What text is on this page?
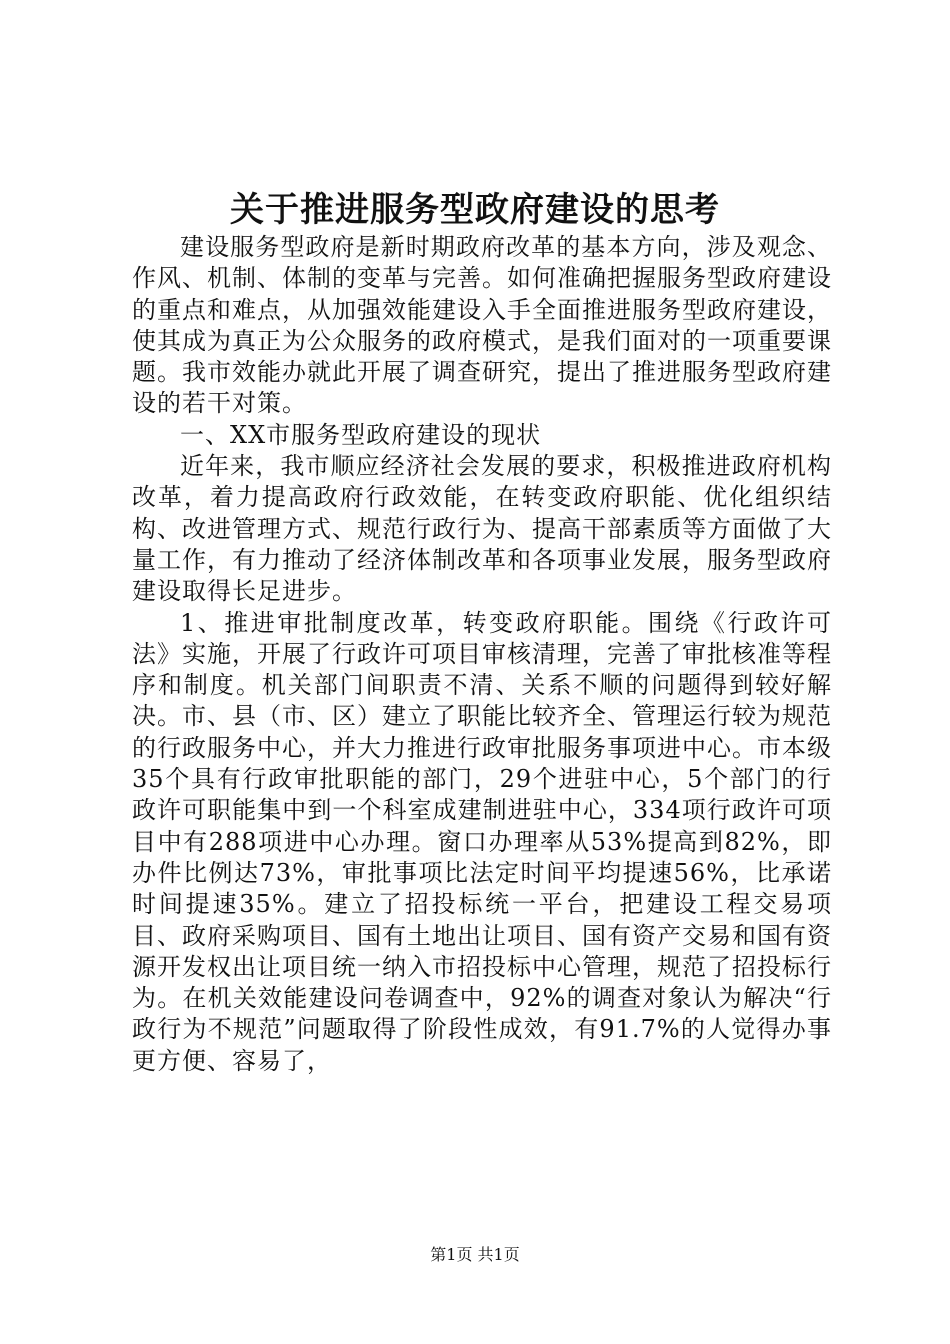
关于推进服务型政府建设的思考

建设服务型政府是新时期政府改革的基本方向，涉及观念、作风、机制、体制的变革与完善。如何准确把握服务型政府建设的重点和难点，从加强效能建设入手全面推进服务型政府建设，使其成为真正为公众服务的政府模式，是我们面对的一项重要课题。我市效能办就此开展了调查研究，提出了推进服务型政府建设的若干对策。

一、XX市服务型政府建设的现状

近年来，我市顺应经济社会发展的要求，积极推进政府机构改革，着力提高政府行政效能，在转变政府职能、优化组织结构、改进管理方式、规范行政行为、提高干部素质等方面做了大量工作，有力推动了经济体制改革和各项事业发展，服务型政府建设取得长足进步。

1、推进审批制度改革，转变政府职能。围绕《行政许可法》实施，开展了行政许可项目审核清理，完善了审批核准等程序和制度。机关部门间职责不清、关系不顺的问题得到较好解决。市、县（市、区）建立了职能比较齐全、管理运行较为规范的行政服务中心，并大力推进行政审批服务事项进中心。市本级35个具有行政审批职能的部门，29个进驻中心，5个部门的行政许可职能集中到一个科室成建制进驻中心，334项行政许可项目中有288项进中心办理。窗口办理率从53%提高到82%，即办件比例达73%，审批事项比法定时间平均提速56%，比承诺时间提速35%。建立了招投标统一平台，把建设工程交易项目、政府采购项目、国有土地出让项目、国有资产交易和国有资源开发权出让项目统一纳入市招投标中心管理，规范了招投标行为。在机关效能建设问卷调查中，92%的调查对象认为解决“行政行为不规范”问题取得了阶段性成效，有91.7%的人觉得办事更方便、容易了，

第1页 共1页
